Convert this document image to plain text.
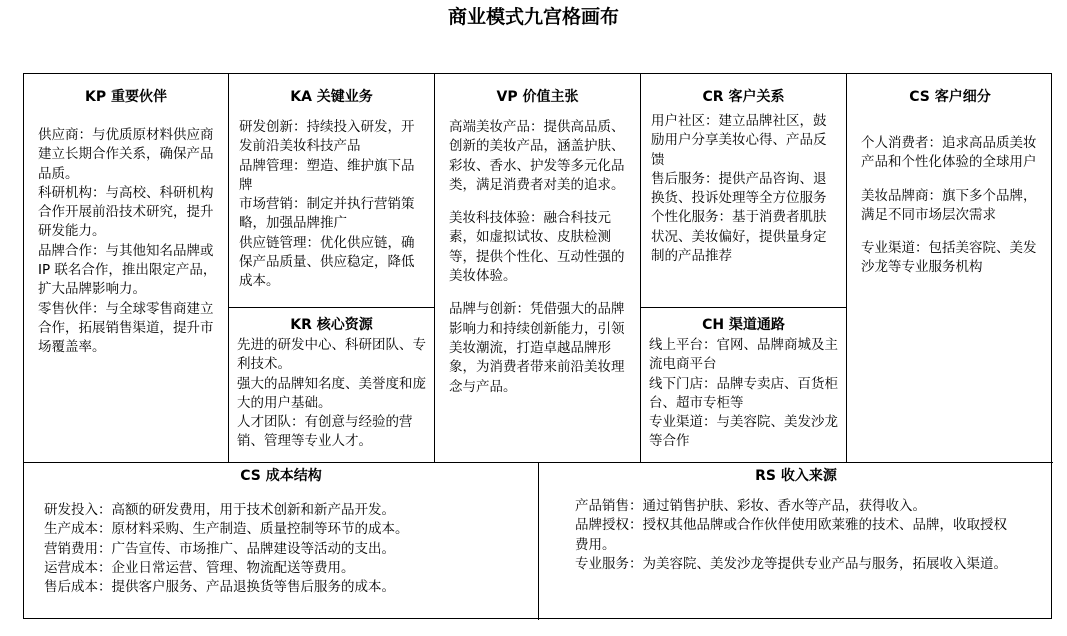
商业模式九宫格画布
KP 重要伙伴

供应商：与优质原材料供应商建立长期合作关系，确保产品品质。

科研机构：与高校、科研机构合作开展前沿技术研究，提升研发能力。

品牌合作：与其他知名品牌或 IP 联名合作，推出限定产品，扩大品牌影响力。

零售伙伴：与全球零售商建立合作，拓展销售渠道，提升市场覆盖率。

KA 关键业务

研发创新：持续投入研发，开发前沿美妆科技产品

品牌管理：塑造、维护旗下品牌

市场营销：制定并执行营销策略，加强品牌推广

供应链管理：优化供应链，确保产品质量、供应稳定，降低成本。

KR 核心资源

先进的研发中心、科研团队、专利技术。

强大的品牌知名度、美誉度和庞大的用户基础。

人才团队：有创意与经验的营销、管理等专业人才。

VP 价值主张

高端美妆产品：提供高品质、创新的美妆产品，涵盖护肤、彩妆、香水、护发等多元化品类，满足消费者对美的追求。

美妆科技体验：融合科技元素，如虚拟试妆、皮肤检测等，提供个性化、互动性强的美妆体验。

品牌与创新：凭借强大的品牌影响力和持续创新能力，引领美妆潮流，打造卓越品牌形象，为消费者带来前沿美妆理念与产品。

CR 客户关系

用户社区：建立品牌社区，鼓励用户分享美妆心得、产品反馈

售后服务：提供产品咨询、退换货、投诉处理等全方位服务

个性化服务：基于消费者肌肤状况、美妆偏好，提供量身定制的产品推荐

CH 渠道通路

线上平台：官网、品牌商城及主流电商平台

线下门店：品牌专卖店、百货柜台、超市专柜等

专业渠道：与美容院、美发沙龙等合作

CS 客户细分

个人消费者：追求高品质美妆产品和个性化体验的全球用户

美妆品牌商：旗下多个品牌，满足不同市场层次需求

专业渠道：包括美容院、美发沙龙等专业服务机构

CS 成本结构

研发投入：高额的研发费用，用于技术创新和新产品开发。

生产成本：原材料采购、生产制造、质量控制等环节的成本。

营销费用：广告宣传、市场推广、品牌建设等活动的支出。

运营成本：企业日常运营、管理、物流配送等费用。

售后成本：提供客户服务、产品退换货等售后服务的成本。

RS 收入来源

产品销售：通过销售护肤、彩妆、香水等产品，获得收入。

品牌授权：授权其他品牌或合作伙伴使用欧莱雅的技术、品牌，收取授权费用。

专业服务：为美容院、美发沙龙等提供专业产品与服务，拓展收入渠道。
